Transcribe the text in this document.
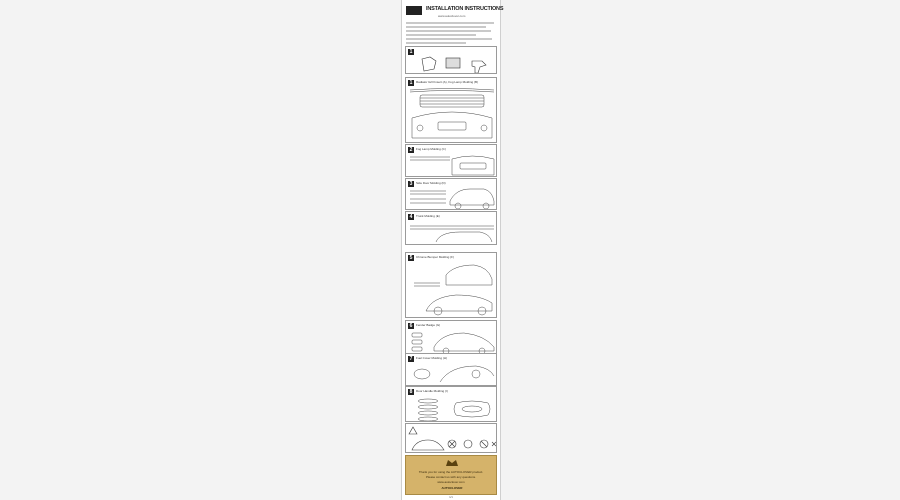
INSTALLATION INSTRUCTIONS
www.autoclover.com
1
1	Radiator Grill Insert (A), Fog Lamp Molding (B)
2	Fog Lamp Molding (C)
3	Side Door Molding (D)
4	Trunk Molding (E)
5	Chrome Bumper Molding (F)
6	Fender Badge (G)
7	Fuel Cover Molding (H)
8	Door Handle Molding (I)
Thank you for using the AUTOCLOVER product.
Please contact us with any questions.
www.autoclover.com
AUTOCLOVER
1/1
